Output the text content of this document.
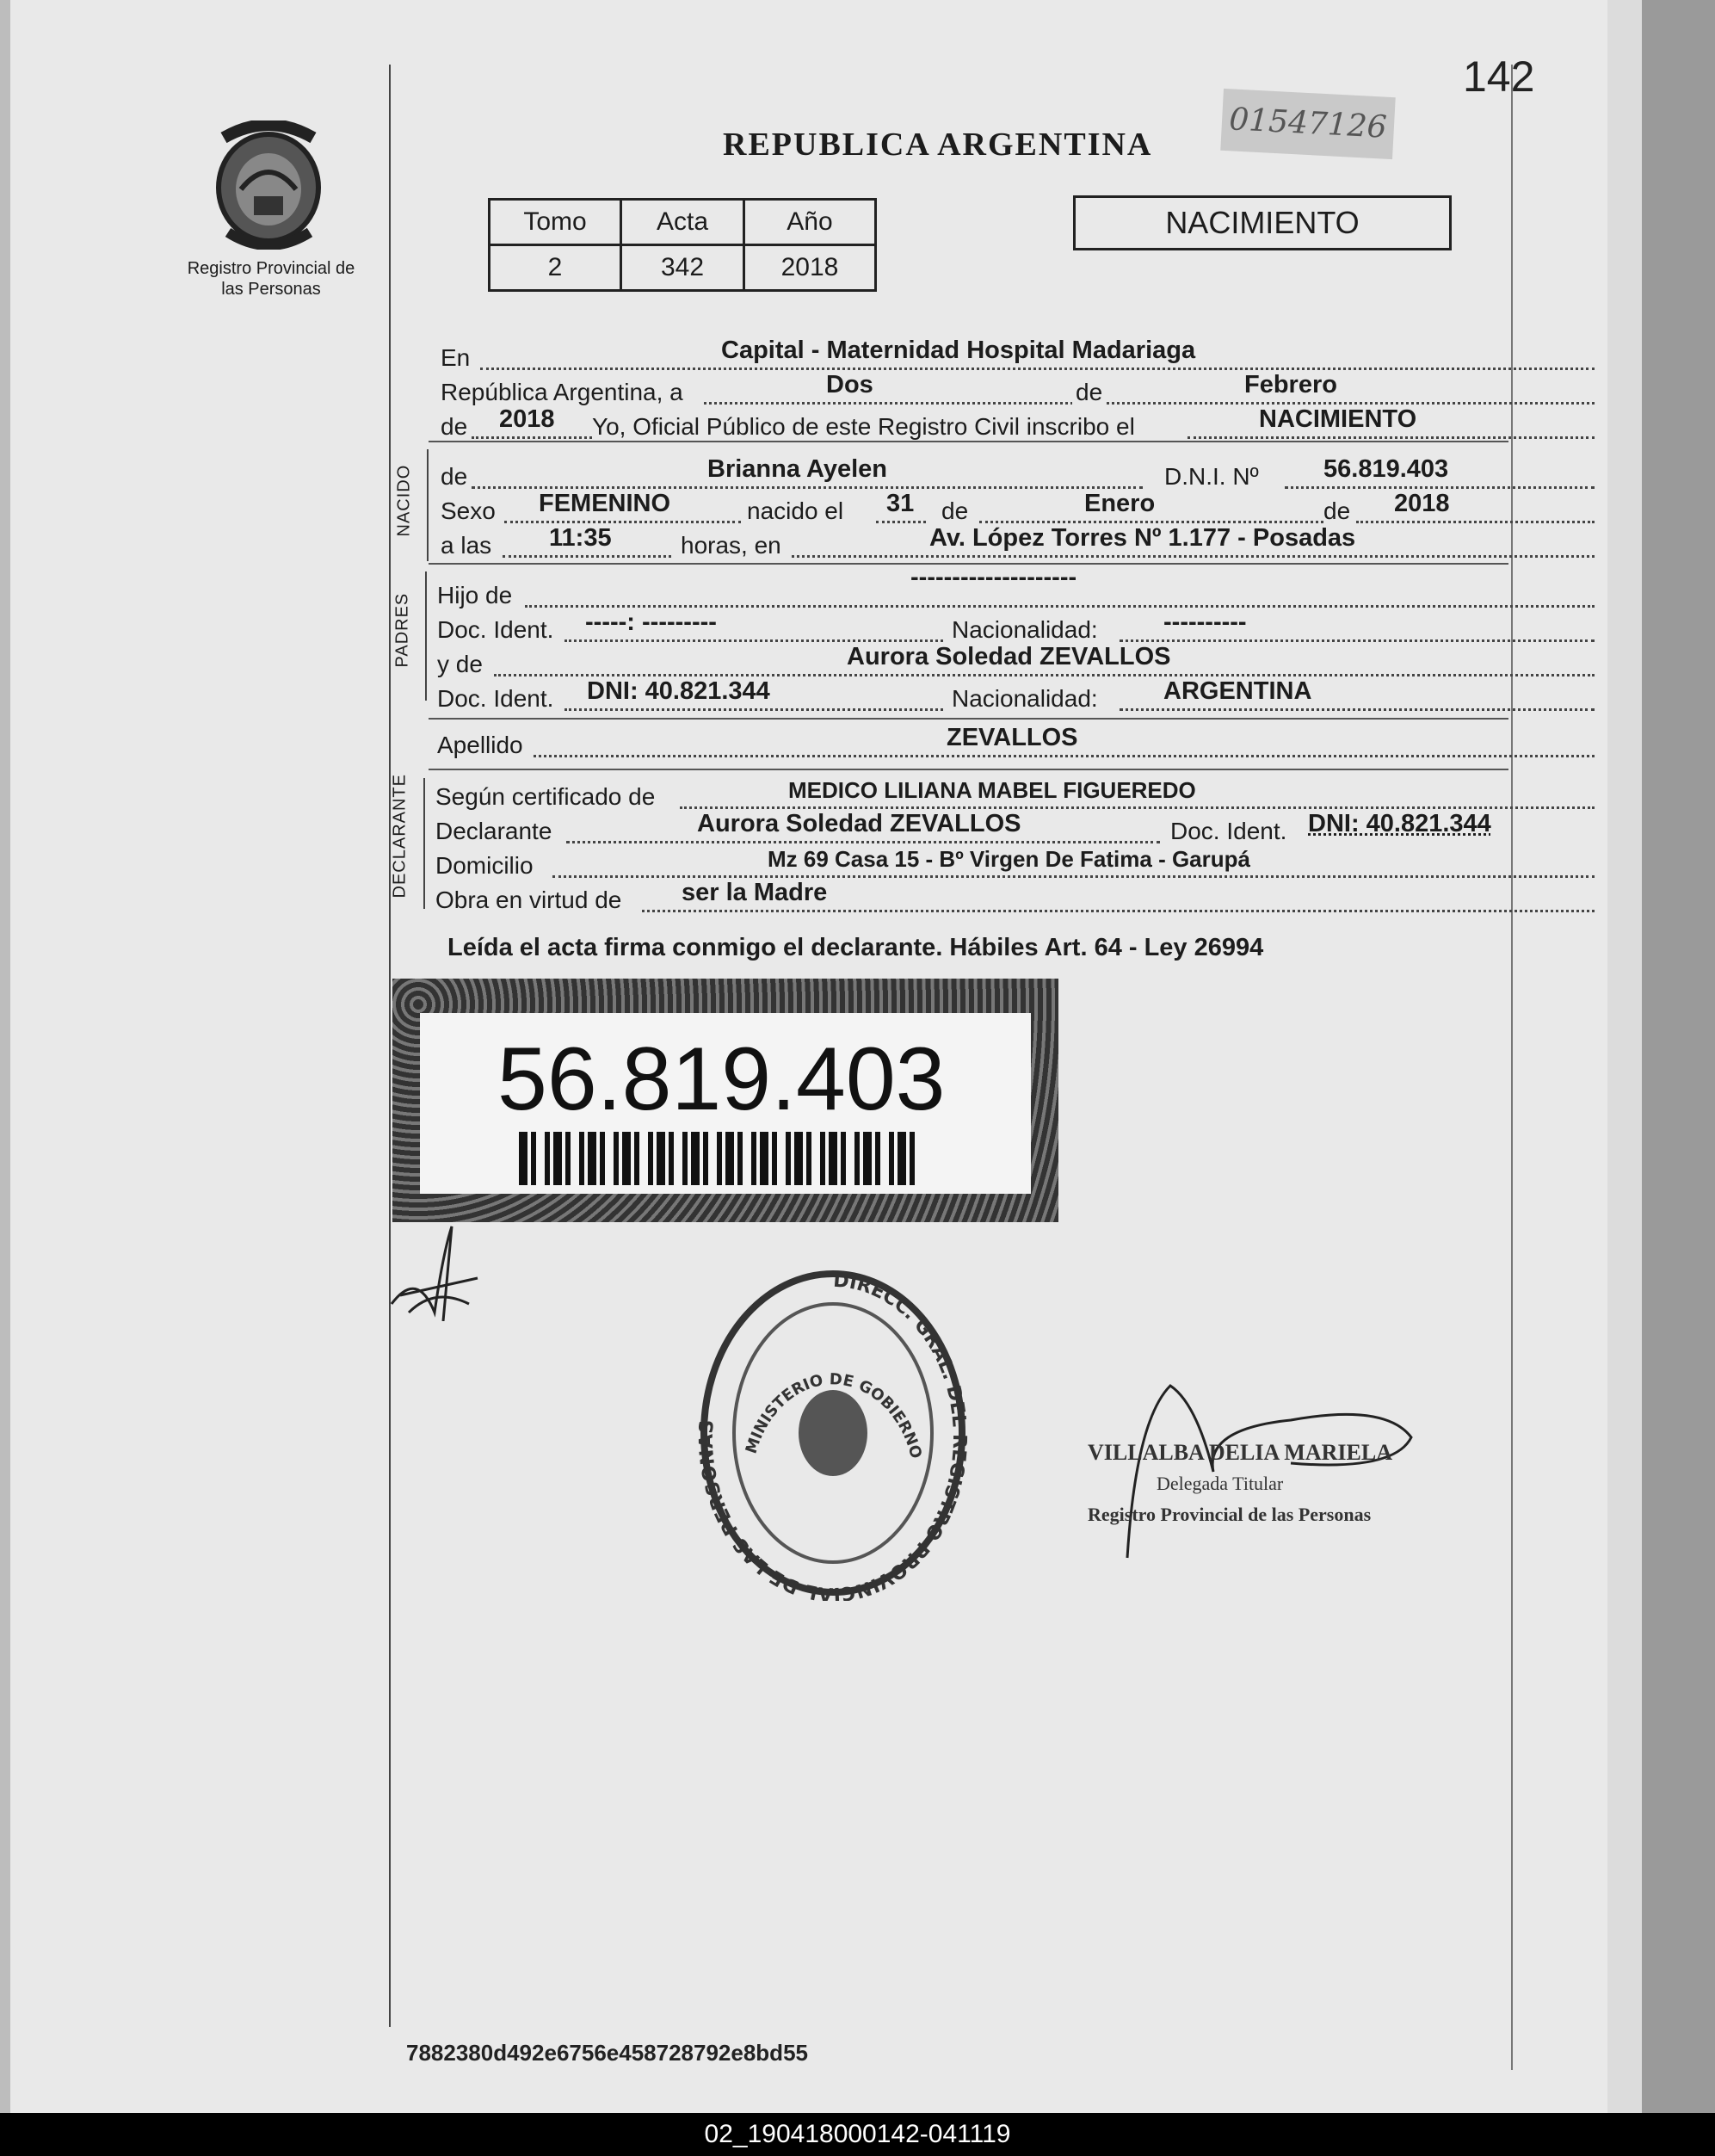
142
01547126
REPUBLICA ARGENTINA
Registro Provincial de las Personas
Tomo	Acta	Año
2	342	2018
NACIMIENTO
En	Capital - Maternidad Hospital Madariaga
República Argentina, a	Dos	de	Febrero
de 2018 Yo, Oficial Público de este Registro Civil inscribo el	NACIMIENTO
NACIDO de	Brianna Ayelen	D.N.I. Nº	56.819.403
Sexo FEMENINO	nacido el 31 de	Enero	de 2018
a las 11:35	horas, en	Av. López Torres Nº 1.177 - Posadas
PADRES Hijo de
--------------------
Doc. Ident. -----: ---------	Nacionalidad:	----------
y de	Aurora Soledad ZEVALLOS
Doc. Ident. DNI: 40.821.344	Nacionalidad:	ARGENTINA
Apellido	ZEVALLOS
DECLARANTE Según certificado de	MEDICO LILIANA MABEL FIGUEREDO
Declarante	Aurora Soledad ZEVALLOS	Doc. Ident. DNI: 40.821.344
Domicilio	Mz 69 Casa 15 - Bº Virgen De Fatima - Garupá
Obra en virtud de ser la Madre
Leída el acta firma conmigo el declarante. Hábiles Art. 64 - Ley 26994
56.819.403
DIRECC. GRAL. DEL REGISTRO PROVINCIAL DE LAS PERSONAS
MINISTERIO DE GOBIERNO	VILLALBA DELIA MARIELA
Delegada Titular
Registro Provincial de las Personas
7882380d492e6756e458728792e8bd55
02_190418000142-041119
